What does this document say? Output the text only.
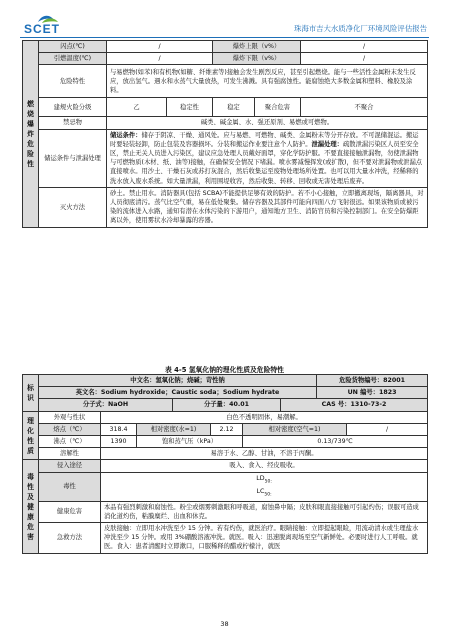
SCET	珠海市吉大水质净化厂环境风险评估报告
燃烧爆炸危险性	闪点(℃)	/		爆炸上限（v%）		/
	引燃温度(℃)	/		爆炸下限（v%）		/
	危险特性	与易燃物(如苯)和有机物(如糖、纤维素等)接触会发生剧烈反应，甚至引起燃烧。能与一些活性金属粉末发生反应，放出氢气。遇水和水蒸气大量放热，可发生沸溅。具有强腐蚀性。能腐蚀绝大多数金属和塑料、橡胶及涂料。				
	建规火险分级	乙	稳定性	稳定	聚合危害	不聚合
	禁忌物	碱类、碱金属、水、强还原剂、易燃或可燃物。				
	储运条件与泄漏处理	储运条件：储存于阴凉、干燥、通风处。应与易燃、可燃物、碱类、金属粉末等分开存放。不可混储混运。搬运时要轻装轻卸，防止包装及容器损坏。分装和搬运作业要注意个人防护。泄漏处理：疏散泄漏污染区人员至安全区，禁止无关人员进入污染区，建议应急处理人员戴好面罩，穿化学防护服。不要直接接触泄漏物，勿使泄漏物与可燃物质(木材、纸、油等)接触，在确保安全情况下堵漏。喷水雾减慢挥发(或扩散)，但不要对泄漏物或泄漏点直接喷水。用沙土、干燥石灰或苏打灰混合，然后收集运至废物处理场所处置。也可以用大量水冲洗，经稀释的洗水放入废水系统。如大量泄漏，利用围堤收容，然后收集、转移、回收或无害处理后废弃。				
	灭火方法	砂土。禁止用水。消防器具(包括 SCBA)不能提供足够有效的防护。若不小心接触，立即撤离现场，隔离器具，对人员彻底清污。蒸气比空气重，易在低处聚集。储存容器及其部件可能向四面八方飞射很远。如果该物质或被污染的流体进入水路，通知有潜在水体污染的下游用户，通知地方卫生、消防官员和污染控制部门。在安全防爆距离以外，使用雾状水冷却暴露的容器。				
表 4-5 氢氧化钠的理化性质及危险特性
标识	中文名：氢氧化钠；烧碱；苛性钠							危险货物编号：82001	
	英文名：Sodium hydroxide；Caustic soda；Sodium hydrate							UN 编号：1823	
	分子式：NaOH			分子量：40.01			CAS 号：1310-73-2		
理化性质	外观与性状	白色不透明固体，易潮解。							
	熔点（℃）	318.4	相对密度(水=1)		2.12	相对密度(空气=1)			/
	沸点（℃）	1390	饱和蒸气压（kPa）			0.13/739℃			
	溶解性	易溶于水、乙醇、甘油，不溶于丙酮。							
毒性及健康危害	侵入途径	吸入、食入、经皮吸收。							
	毒性	$LD_{50:}$
$LC_{50:}$

	健康危害	本品有强烈刺激和腐蚀性。粉尘或烟雾刺激眼和呼吸道，腐蚀鼻中隔；皮肤和眼直接接触可引起灼伤；误服可造成消化道灼伤，粘膜糜烂、出血和休克。							
	急救方法	皮肤接触：立即用水冲洗至少 15 分钟。若有灼伤，就医治疗。眼睛接触：立即提起眼睑，用流动清水或生理盐水冲洗至少 15 分钟。或用 3%硼酸溶液冲洗。就医。吸入：迅速脱离现场至空气新鲜处。必要时进行人工呼吸。就医。食入：患者清醒时立即漱口，口服稀释的醋或柠檬汁，就医							
38
